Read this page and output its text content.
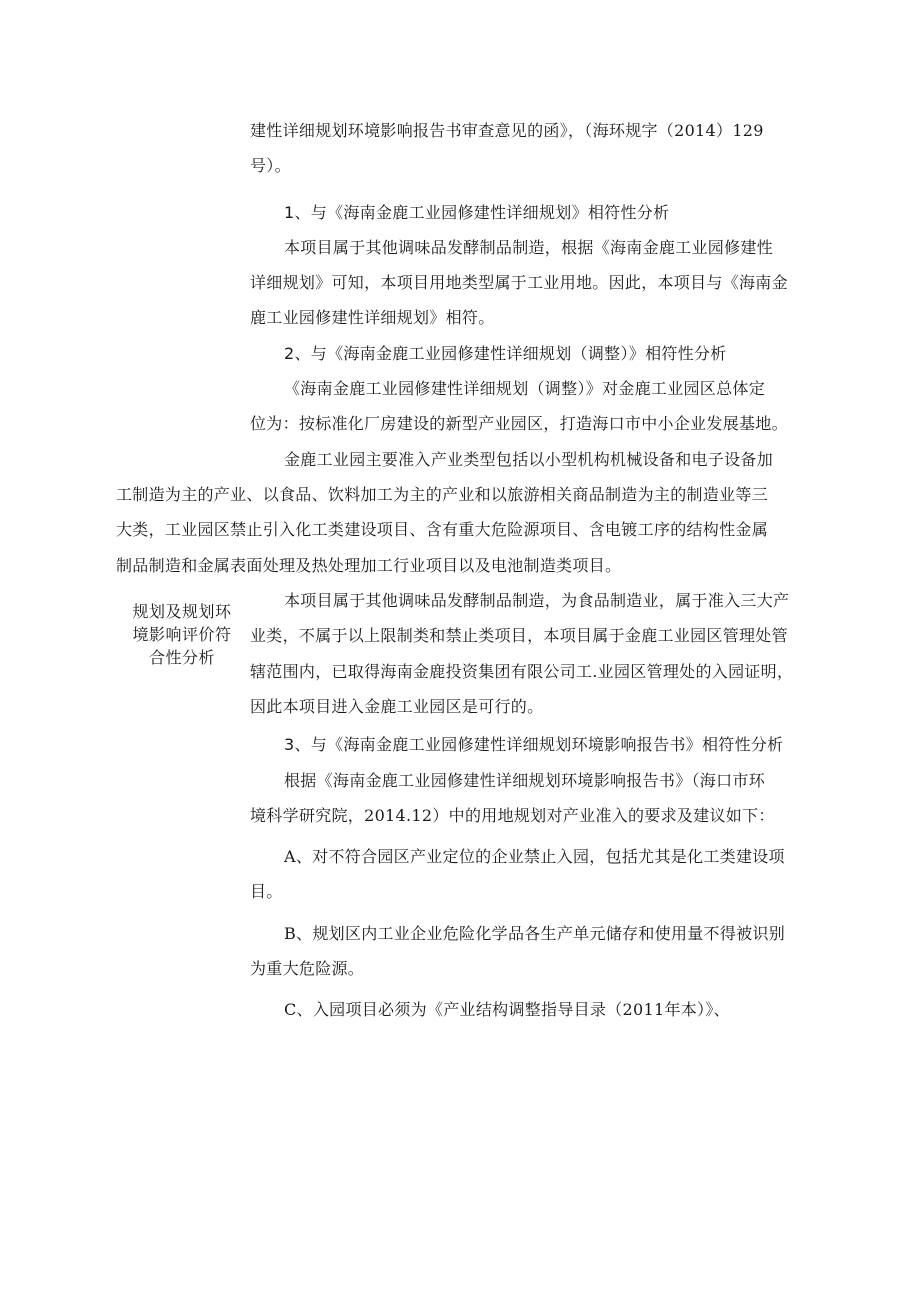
规划及规划环境影响评价符合性分析
建性详细规划环境影响报告书审查意见的函》，（海环规字（2014）129
号）。
1、与《海南金鹿工业园修建性详细规划》相符性分析
本项目属于其他调味品发酵制品制造，根据《海南金鹿工业园修建性
详细规划》可知，本项目用地类型属于工业用地。因此，本项目与《海南金
鹿工业园修建性详细规划》相符。
2、与《海南金鹿工业园修建性详细规划（调整）》相符性分析
《海南金鹿工业园修建性详细规划（调整）》对金鹿工业园区总体定
位为：按标准化厂房建设的新型产业园区，打造海口市中小企业发展基地。
金鹿工业园主要准入产业类型包括以小型机构机械设备和电子设备加
工制造为主的产业、以食品、饮料加工为主的产业和以旅游相关商品制造为主的制造业等三
大类，工业园区禁止引入化工类建设项目、含有重大危险源项目、含电镀工序的结构性金属
制品制造和金属表面处理及热处理加工行业项目以及电池制造类项目。
本项目属于其他调味品发酵制品制造，为食品制造业，属于准入三大产
业类，不属于以上限制类和禁止类项目，本项目属于金鹿工业园区管理处管
辖范围内，已取得海南金鹿投资集团有限公司工.业园区管理处的入园证明，
因此本项目进入金鹿工业园区是可行的。
3、与《海南金鹿工业园修建性详细规划环境影响报告书》相符性分析
根据《海南金鹿工业园修建性详细规划环境影响报告书》（海口市环
境科学研究院，2014.12）中的用地规划对产业准入的要求及建议如下：
A、对不符合园区产业定位的企业禁止入园，包括尤其是化工类建设项
目。
B、规划区内工业企业危险化学品各生产单元储存和使用量不得被识别
为重大危险源。
C、入园项目必须为《产业结构调整指导目录（2011年本）》、
